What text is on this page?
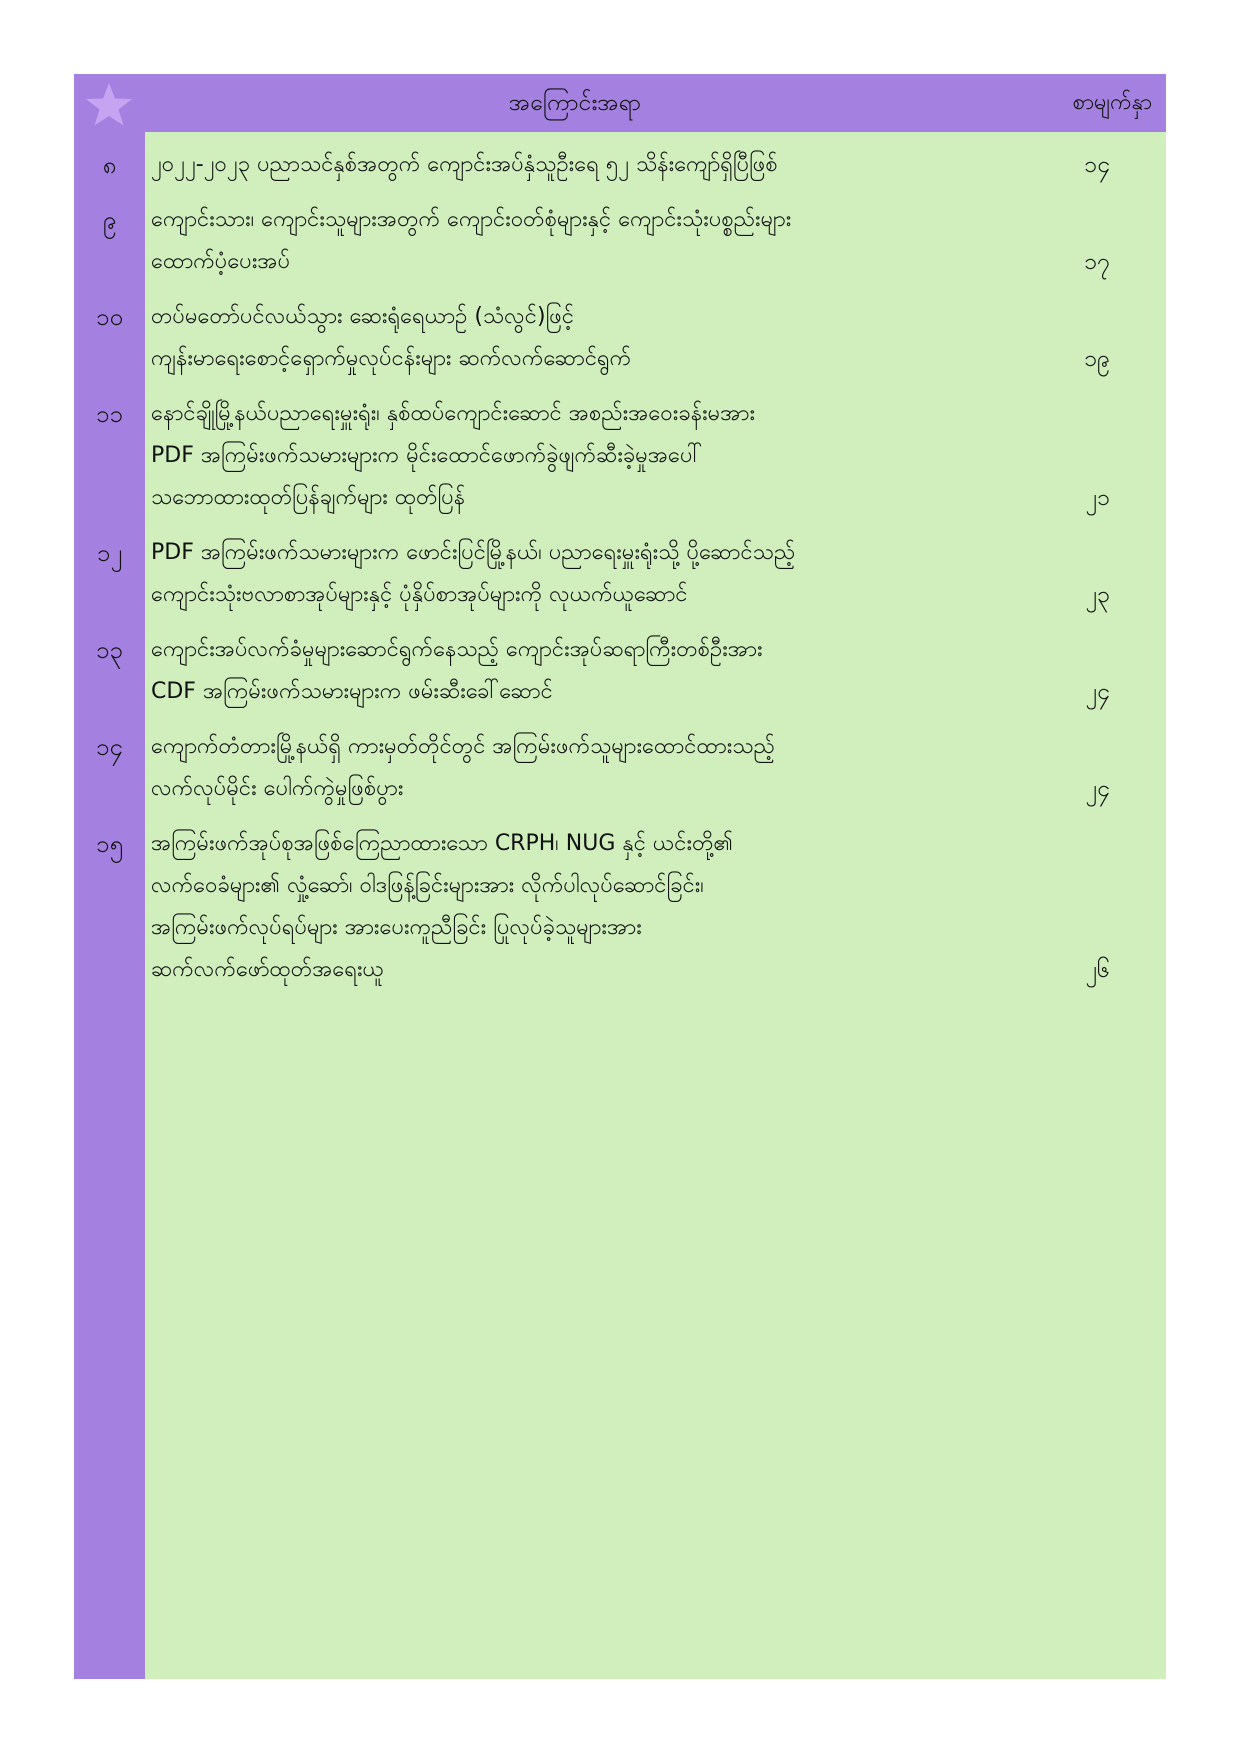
အကြောင်းအရာ	စာမျက်နှာ
၈	၂၀၂၂-၂၀၂၃ ပညာသင်နှစ်အတွက် ကျောင်းအပ်နှံသူဦးရေ ၅၂ သိန်းကျော်ရှိပြီဖြစ်	၁၄
၉	ကျောင်းသား၊ ကျောင်းသူများအတွက် ကျောင်းဝတ်စုံများနှင့် ကျောင်းသုံးပစ္စည်းများ
ထောက်ပံ့ပေးအပ်	၁၇
၁၀	တပ်မတော်ပင်လယ်သွား ဆေးရုံရေယာဉ် (သံလွင်)ဖြင့်
ကျန်းမာရေးစောင့်ရှောက်မှုလုပ်ငန်းများ ဆက်လက်ဆောင်ရွက်	၁၉
၁၁	နောင်ချိုမြို့နယ်ပညာရေးမှူးရုံး၊ နှစ်ထပ်ကျောင်းဆောင် အစည်းအဝေးခန်းမအား
PDF အကြမ်းဖက်သမားများက မိုင်းထောင်ဖောက်ခွဲဖျက်ဆီးခဲ့မှုအပေါ်
သဘောထားထုတ်ပြန်ချက်များ ထုတ်ပြန်	၂၁
၁၂	PDF အကြမ်းဖက်သမားများက ဖောင်းပြင်မြို့နယ်၊ ပညာရေးမှူးရုံးသို့ ပို့ဆောင်သည့်
ကျောင်းသုံးဗလာစာအုပ်များနှင့် ပုံနှိပ်စာအုပ်များကို လုယက်ယူဆောင်	၂၃
၁၃	ကျောင်းအပ်လက်ခံမှုများဆောင်ရွက်နေသည့် ကျောင်းအုပ်ဆရာကြီးတစ်ဦးအား
CDF အကြမ်းဖက်သမားများက ဖမ်းဆီးခေါ်ဆောင်	၂၄
၁၄	ကျောက်တံတားမြို့နယ်ရှိ ကားမှတ်တိုင်တွင် အကြမ်းဖက်သူများထောင်ထားသည့်
လက်လုပ်မိုင်း ပေါက်ကွဲမှုဖြစ်ပွား	၂၄
၁၅	အကြမ်းဖက်အုပ်စုအဖြစ်ကြေညာထားသော CRPH၊ NUG နှင့် ယင်းတို့၏
လက်ဝေခံများ၏ လှုံ့ဆော်၊ ဝါဒဖြန့်ခြင်းများအား လိုက်ပါလုပ်ဆောင်ခြင်း၊
အကြမ်းဖက်လုပ်ရပ်များ အားပေးကူညီခြင်း ပြုလုပ်ခဲ့သူများအား
ဆက်လက်ဖော်ထုတ်အရေးယူ	၂၆
